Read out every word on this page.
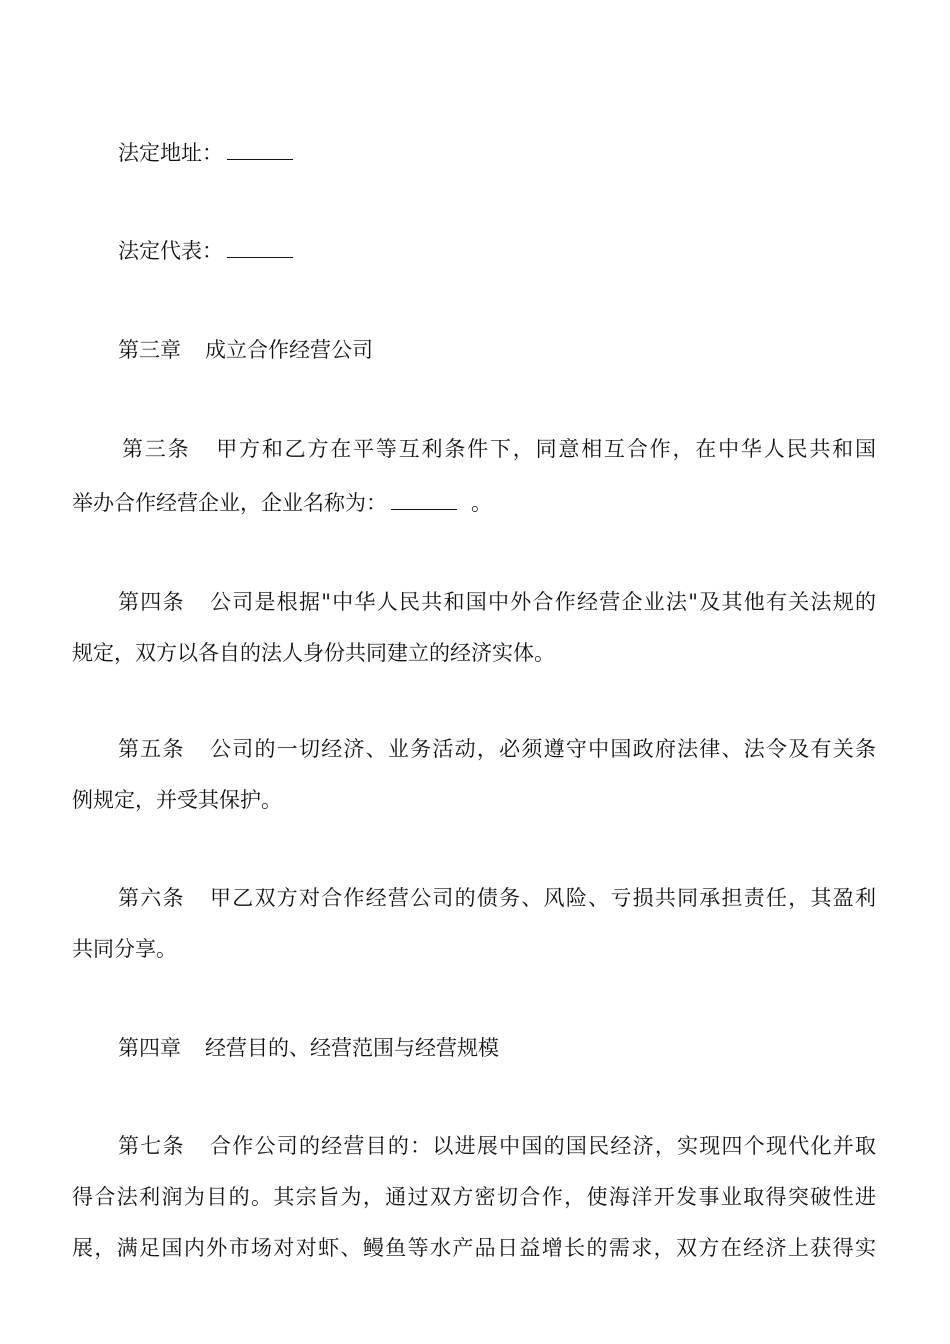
法定地址：
法定代表：
第三章 成立合作经营公司
第三条 甲方和乙方在平等互利条件下，同意相互合作，在中华人民共和国
举办合作经营企业，企业名称为：	。
第四条 公司是根据"中华人民共和国中外合作经营企业法"及其他有关法规的
规定，双方以各自的法人身份共同建立的经济实体。
第五条 公司的一切经济、业务活动，必须遵守中国政府法律、法令及有关条
例规定，并受其保护。
第六条 甲乙双方对合作经营公司的债务、风险、亏损共同承担责任，其盈利
共同分享。
第四章 经营目的、经营范围与经营规模
第七条 合作公司的经营目的：以进展中国的国民经济，实现四个现代化并取
得合法利润为目的。其宗旨为，通过双方密切合作，使海洋开发事业取得突破性进
展，满足国内外市场对对虾、鳗鱼等水产品日益增长的需求，双方在经济上获得实
